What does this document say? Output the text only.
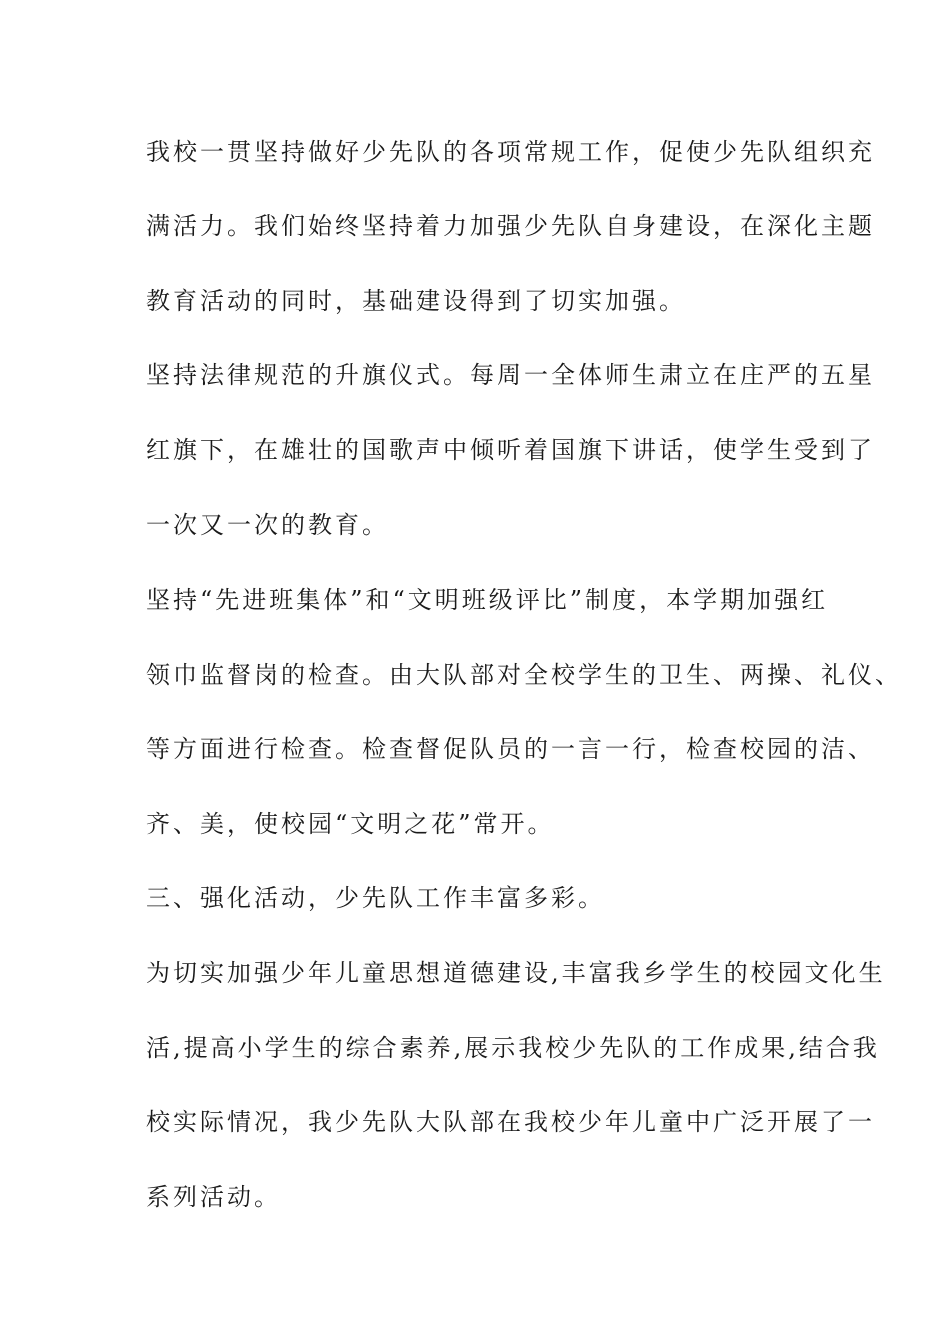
我校一贯坚持做好少先队的各项常规工作，促使少先队组织充
满活力。我们始终坚持着力加强少先队自身建设，在深化主题
教育活动的同时，基础建设得到了切实加强。
坚持法律规范的升旗仪式。每周一全体师生肃立在庄严的五星
红旗下，在雄壮的国歌声中倾听着国旗下讲话，使学生受到了
一次又一次的教育。
坚持“先进班集体”和“文明班级评比”制度，本学期加强红
领巾监督岗的检查。由大队部对全校学生的卫生、两操、礼仪、
等方面进行检查。检查督促队员的一言一行，检查校园的洁、
齐、美，使校园“文明之花”常开。
三、强化活动，少先队工作丰富多彩。
为切实加强少年儿童思想道德建设,丰富我乡学生的校园文化生
活,提高小学生的综合素养,展示我校少先队的工作成果,结合我
校实际情况，我少先队大队部在我校少年儿童中广泛开展了一
系列活动。
